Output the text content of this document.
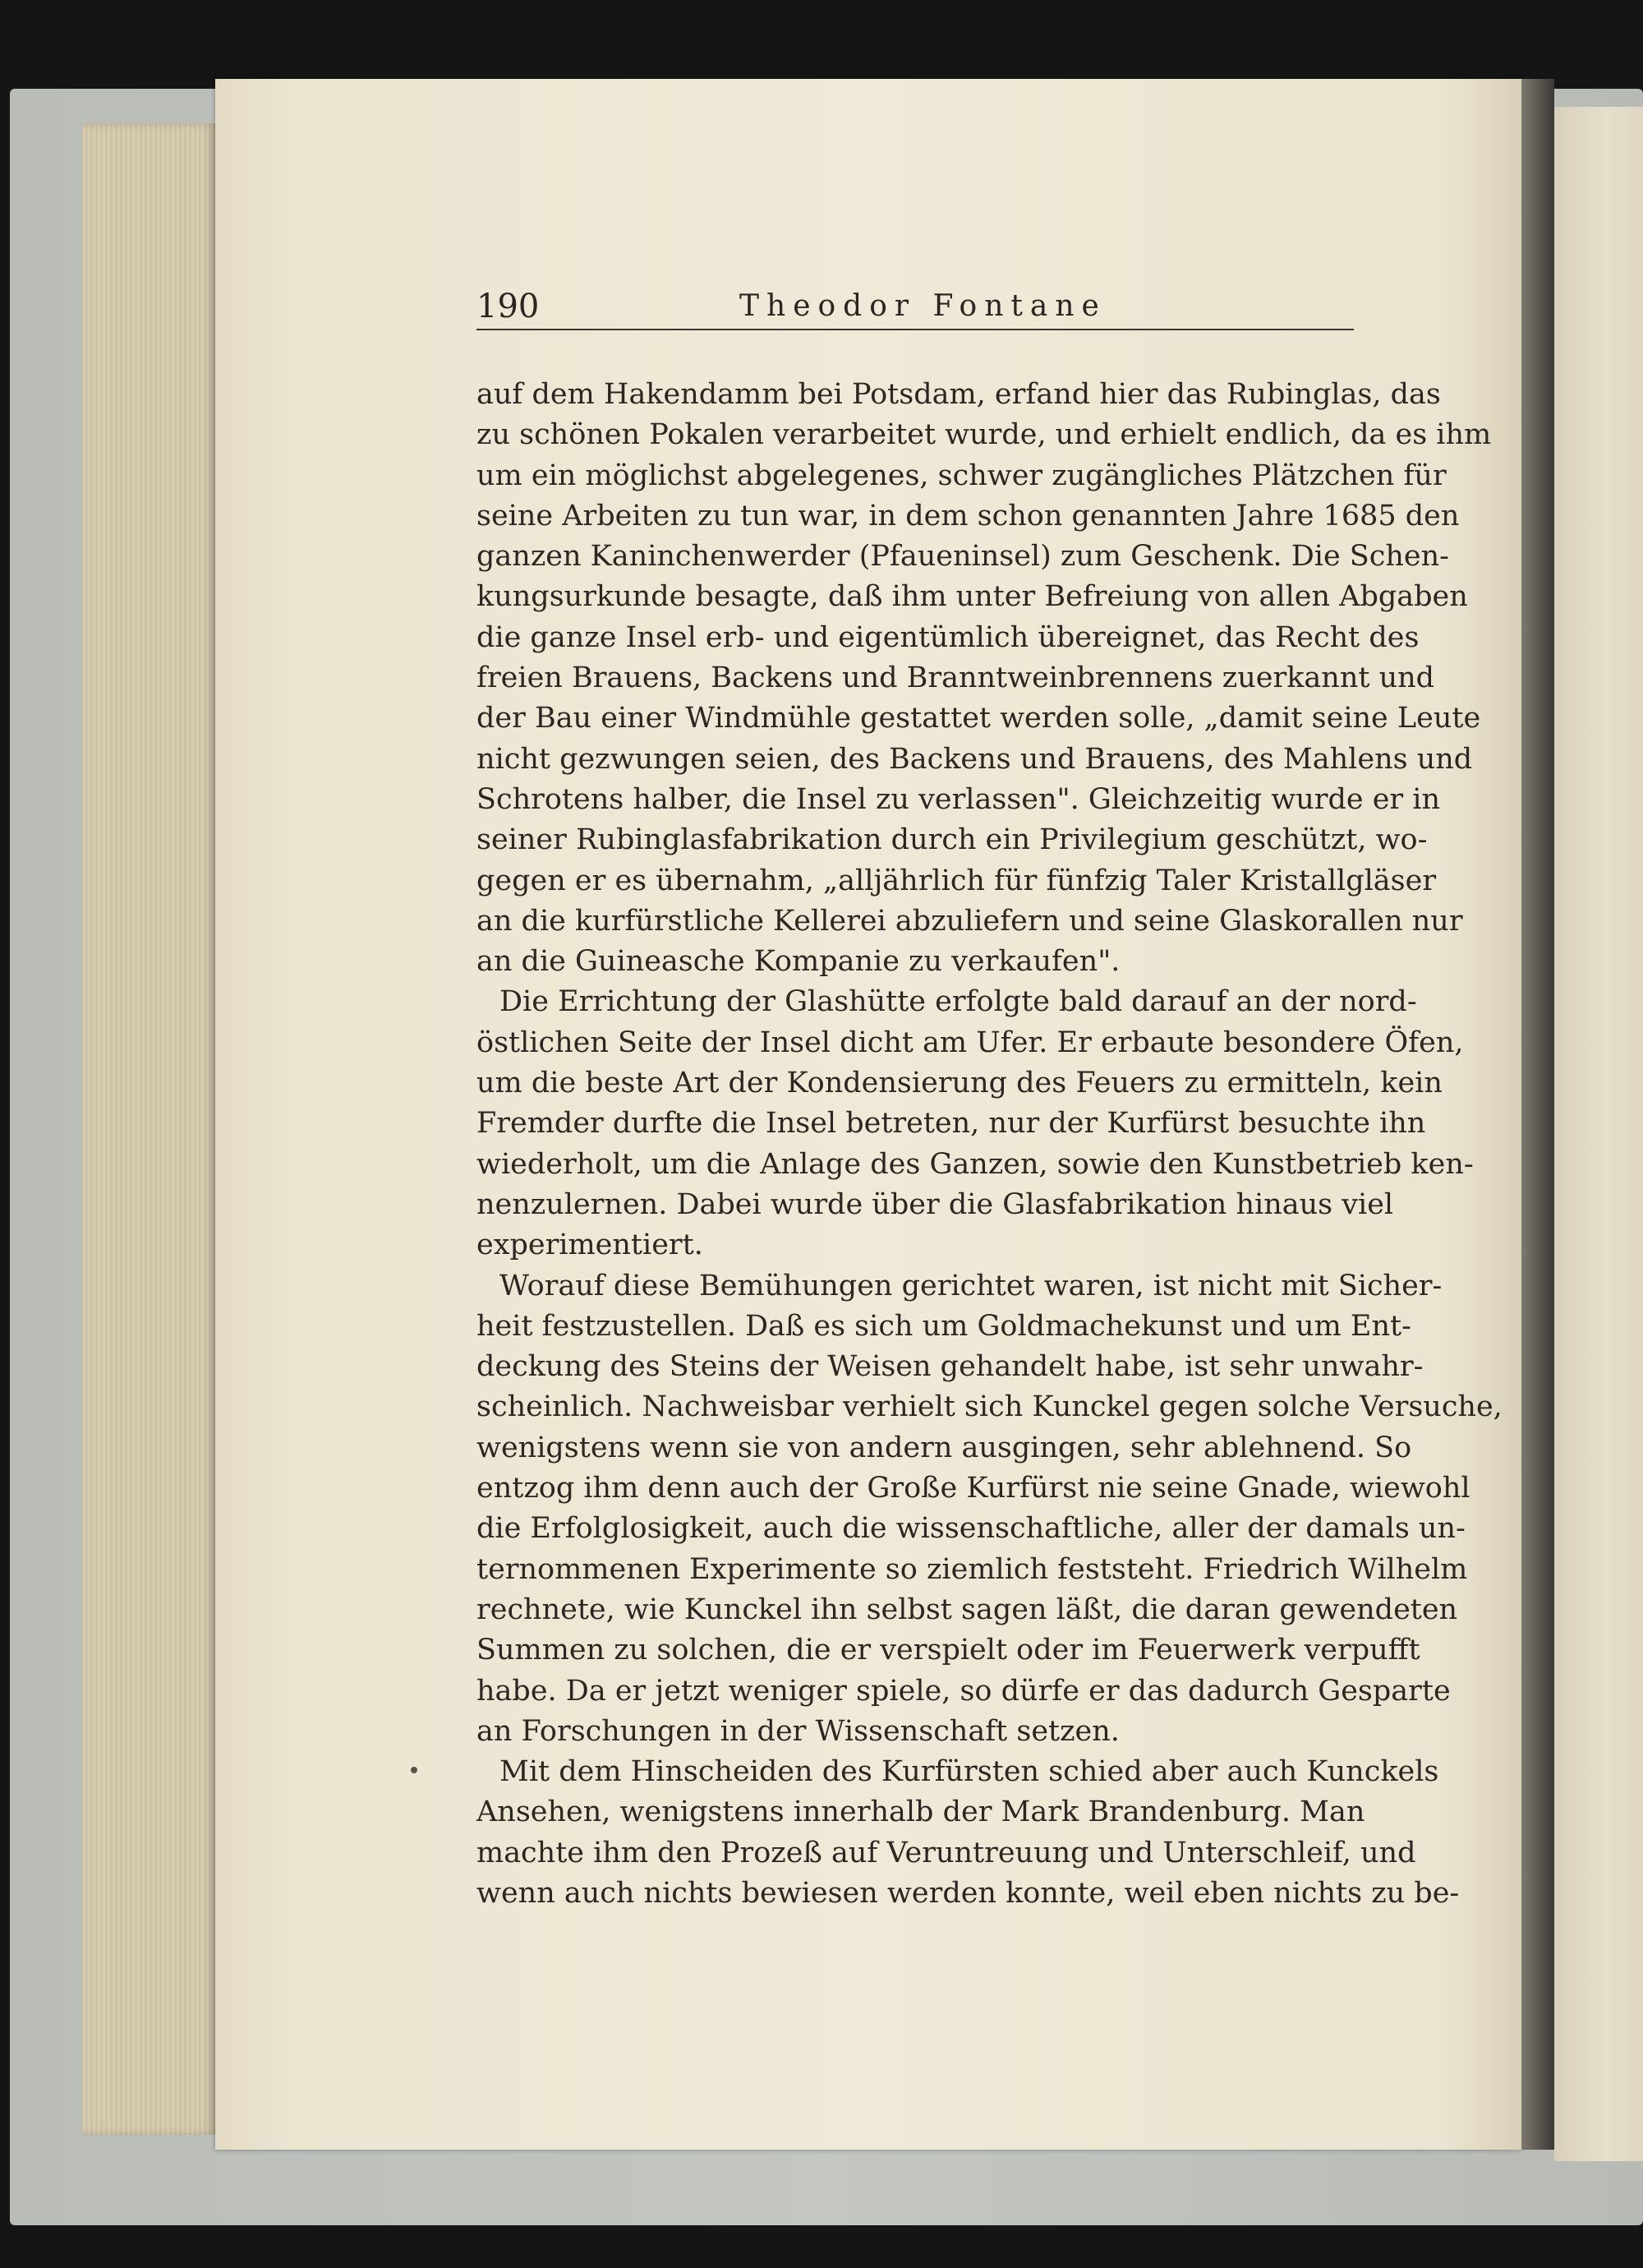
190	Theodor Fontane
auf dem Hakendamm bei Potsdam, erfand hier das Rubinglas, das
zu schönen Pokalen verarbeitet wurde, und erhielt endlich, da es ihm
um ein möglichst abgelegenes, schwer zugängliches Plätzchen für
seine Arbeiten zu tun war, in dem schon genannten Jahre 1685 den
ganzen Kaninchenwerder (Pfaueninsel) zum Geschenk. Die Schen-
kungsurkunde besagte, daß ihm unter Befreiung von allen Abgaben
die ganze Insel erb- und eigentümlich übereignet, das Recht des
freien Brauens, Backens und Branntweinbrennens zuerkannt und
der Bau einer Windmühle gestattet werden solle, „damit seine Leute
nicht gezwungen seien, des Backens und Brauens, des Mahlens und
Schrotens halber, die Insel zu verlassen". Gleichzeitig wurde er in
seiner Rubinglasfabrikation durch ein Privilegium geschützt, wo-
gegen er es übernahm, „alljährlich für fünfzig Taler Kristallgläser
an die kurfürstliche Kellerei abzuliefern und seine Glaskorallen nur
an die Guineasche Kompanie zu verkaufen".
Die Errichtung der Glashütte erfolgte bald darauf an der nord-
östlichen Seite der Insel dicht am Ufer. Er erbaute besondere Öfen,
um die beste Art der Kondensierung des Feuers zu ermitteln, kein
Fremder durfte die Insel betreten, nur der Kurfürst besuchte ihn
wiederholt, um die Anlage des Ganzen, sowie den Kunstbetrieb ken-
nenzulernen. Dabei wurde über die Glasfabrikation hinaus viel
experimentiert.
Worauf diese Bemühungen gerichtet waren, ist nicht mit Sicher-
heit festzustellen. Daß es sich um Goldmachekunst und um Ent-
deckung des Steins der Weisen gehandelt habe, ist sehr unwahr-
scheinlich. Nachweisbar verhielt sich Kunckel gegen solche Versuche,
wenigstens wenn sie von andern ausgingen, sehr ablehnend. So
entzog ihm denn auch der Große Kurfürst nie seine Gnade, wiewohl
die Erfolglosigkeit, auch die wissenschaftliche, aller der damals un-
ternommenen Experimente so ziemlich feststeht. Friedrich Wilhelm
rechnete, wie Kunckel ihn selbst sagen läßt, die daran gewendeten
Summen zu solchen, die er verspielt oder im Feuerwerk verpufft
habe. Da er jetzt weniger spiele, so dürfe er das dadurch Gesparte
an Forschungen in der Wissenschaft setzen.
Mit dem Hinscheiden des Kurfürsten schied aber auch Kunckels
Ansehen, wenigstens innerhalb der Mark Brandenburg. Man
machte ihm den Prozeß auf Veruntreuung und Unterschleif, und
wenn auch nichts bewiesen werden konnte, weil eben nichts zu be-
